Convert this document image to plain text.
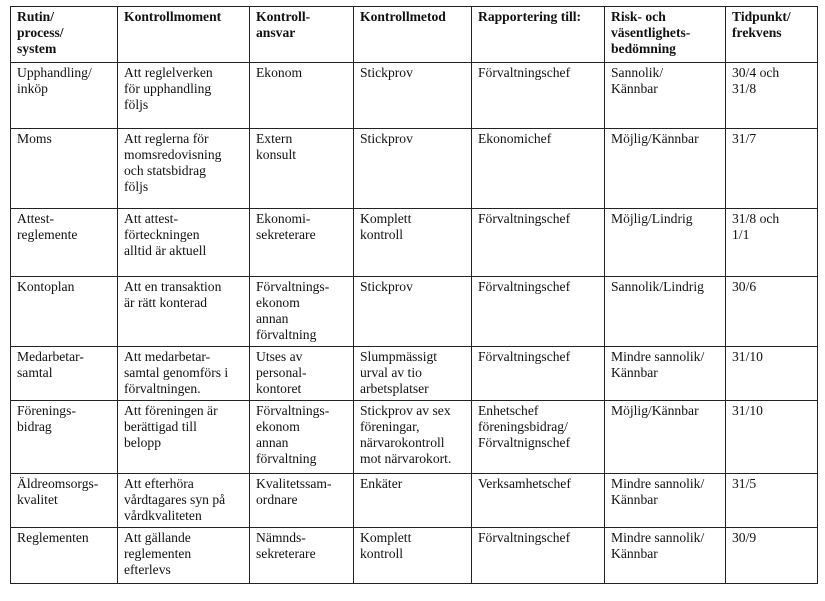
Rutin/
process/
system	Kontrollmoment	Kontroll-
ansvar	Kontrollmetod	Rapportering till:	Risk- och
väsentlighets-
bedömning	Tidpunkt/
frekvens
Upphandling/
inköp	Att reglelverken
för upphandling
följs	Ekonom	Stickprov	Förvaltningschef	Sannolik/
Kännbar	30/4 och
31/8
Moms	Att reglerna för
momsredovisning
och statsbidrag
följs	Extern
konsult	Stickprov	Ekonomichef	Möjlig/Kännbar	31/7
Attest-
reglemente	Att attest-
förteckningen
alltid är aktuell	Ekonomi-
sekreterare	Komplett
kontroll	Förvaltningschef	Möjlig/Lindrig	31/8 och
1/1
Kontoplan	Att en transaktion
är rätt konterad	Förvaltnings-
ekonom
annan
förvaltning	Stickprov	Förvaltningschef	Sannolik/Lindrig	30/6
Medarbetar-
samtal	Att medarbetar-
samtal genomförs i
förvaltningen.	Utses av
personal-
kontoret	Slumpmässigt
urval av tio
arbetsplatser	Förvaltningschef	Mindre sannolik/
Kännbar	31/10
Förenings-
bidrag	Att föreningen är
berättigad till
belopp	Förvaltnings-
ekonom
annan
förvaltning	Stickprov av sex
föreningar,
närvarokontroll
mot närvarokort.	Enhetschef
föreningsbidrag/
Förvaltnignschef	Möjlig/Kännbar	31/10
Äldreomsorgs-
kvalitet	Att efterhöra
vårdtagares syn på
vårdkvaliteten	Kvalitetssam-
ordnare	Enkäter	Verksamhetschef	Mindre sannolik/
Kännbar	31/5
Reglementen	Att gällande
reglementen
efterlevs	Nämnds-
sekreterare	Komplett
kontroll	Förvaltningschef	Mindre sannolik/
Kännbar	30/9
